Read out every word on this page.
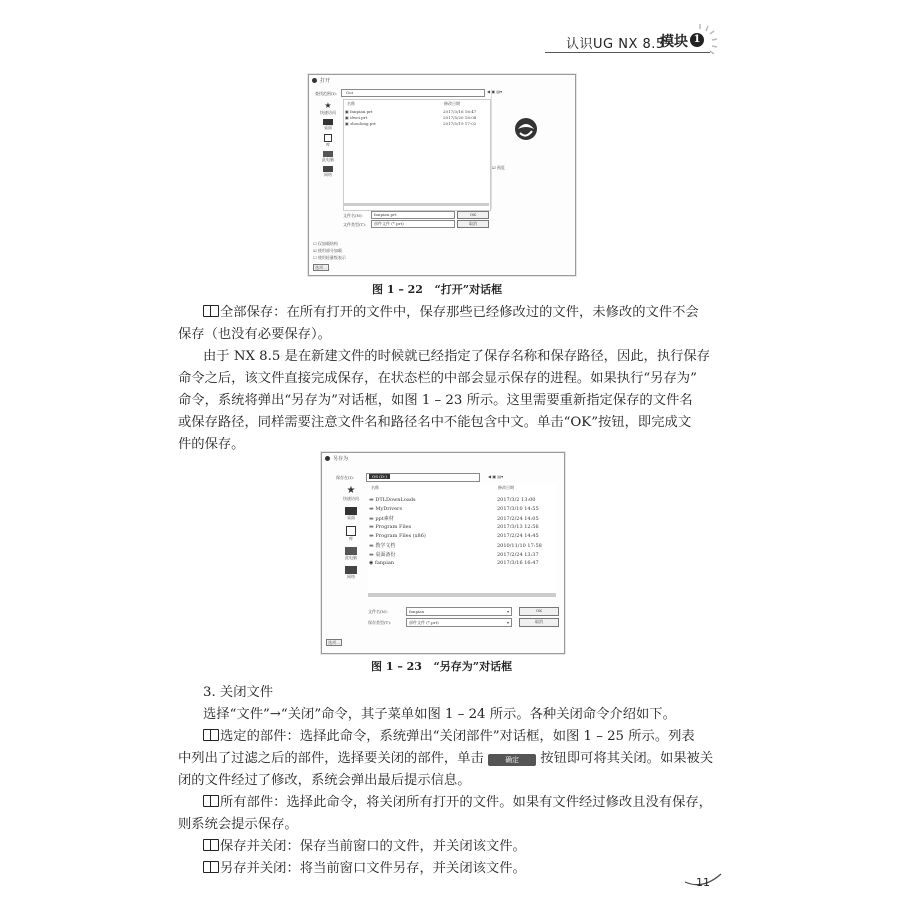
认识UG NX 8.5
模块 1
打开
查找范围(I): Ooi	◀ ▣ ▤▾
★
快速访问
桌面
库
此电脑
网络
名称	修改日期
▣ fanpian.prt	2017/3/16 16:47
▣ ifwei.prt	2017/5/20 18:08
▣ shoulong.prt	2017/5/19 17:02
☑ 预览
文件名(N):	fanpian.prt	OK
文件类型(T): 部件文件 (*.prt)	取消
☐ 仅加载结构
☑ 使用部分加载
☐ 使用轻量级表示
选项...
图 1 – 22 “打开”对话框
全部保存：在所有打开的文件中，保存那些已经修改过的文件，未修改的文件不会
保存（也没有必要保存）。
由于 NX 8.5 是在新建文件的时候就已经指定了保存名称和保存路径，因此，执行保存
命令之后，该文件直接完成保存，在状态栏的中部会显示保存的进程。如果执行“另存为”
命令，系统将弹出“另存为”对话框，如图 1 – 23 所示。这里需要重新指定保存的文件名
或保存路径，同样需要注意文件名和路径名中不能包含中文。单击“OK”按钮，即完成文
件的保存。
另存为
保存在(I):	OS (D:)	◀ ▣ ▤▾
★
快速访问
桌面
库
此电脑
网络
名称	修改日期
▬ DTLDownLoads	2017/3/2 13:00
▬ MyDrivers	2017/3/10 14:55
▬ ppt素材	2017/2/24 14:05
▬ Program Files	2017/3/13 12:56
▬ Program Files (x86)	2017/2/24 14:45
▬ 教学文档	2010/11/10 17:58
▬ 桌面备份	2017/2/24 13:37
◉ fanpian	2017/3/16 16:47
文件名(N):	fanpian	▾	OK
保存类型(T):	部件文件 (*.prt)	▾	取消
选项...
图 1 – 23 “另存为”对话框
3. 关闭文件
选择“文件”→“关闭”命令，其子菜单如图 1 – 24 所示。各种关闭命令介绍如下。
选定的部件：选择此命令，系统弹出“关闭部件”对话框，如图 1 – 25 所示。列表
中列出了过滤之后的部件，选择要关闭的部件，单击	确定 按钮即可将其关闭。如果被关
闭的文件经过了修改，系统会弹出最后提示信息。
所有部件：选择此命令，将关闭所有打开的文件。如果有文件经过修改且没有保存，
则系统会提示保存。
保存并关闭：保存当前窗口的文件，并关闭该文件。
另存并关闭：将当前窗口文件另存，并关闭该文件。
11
